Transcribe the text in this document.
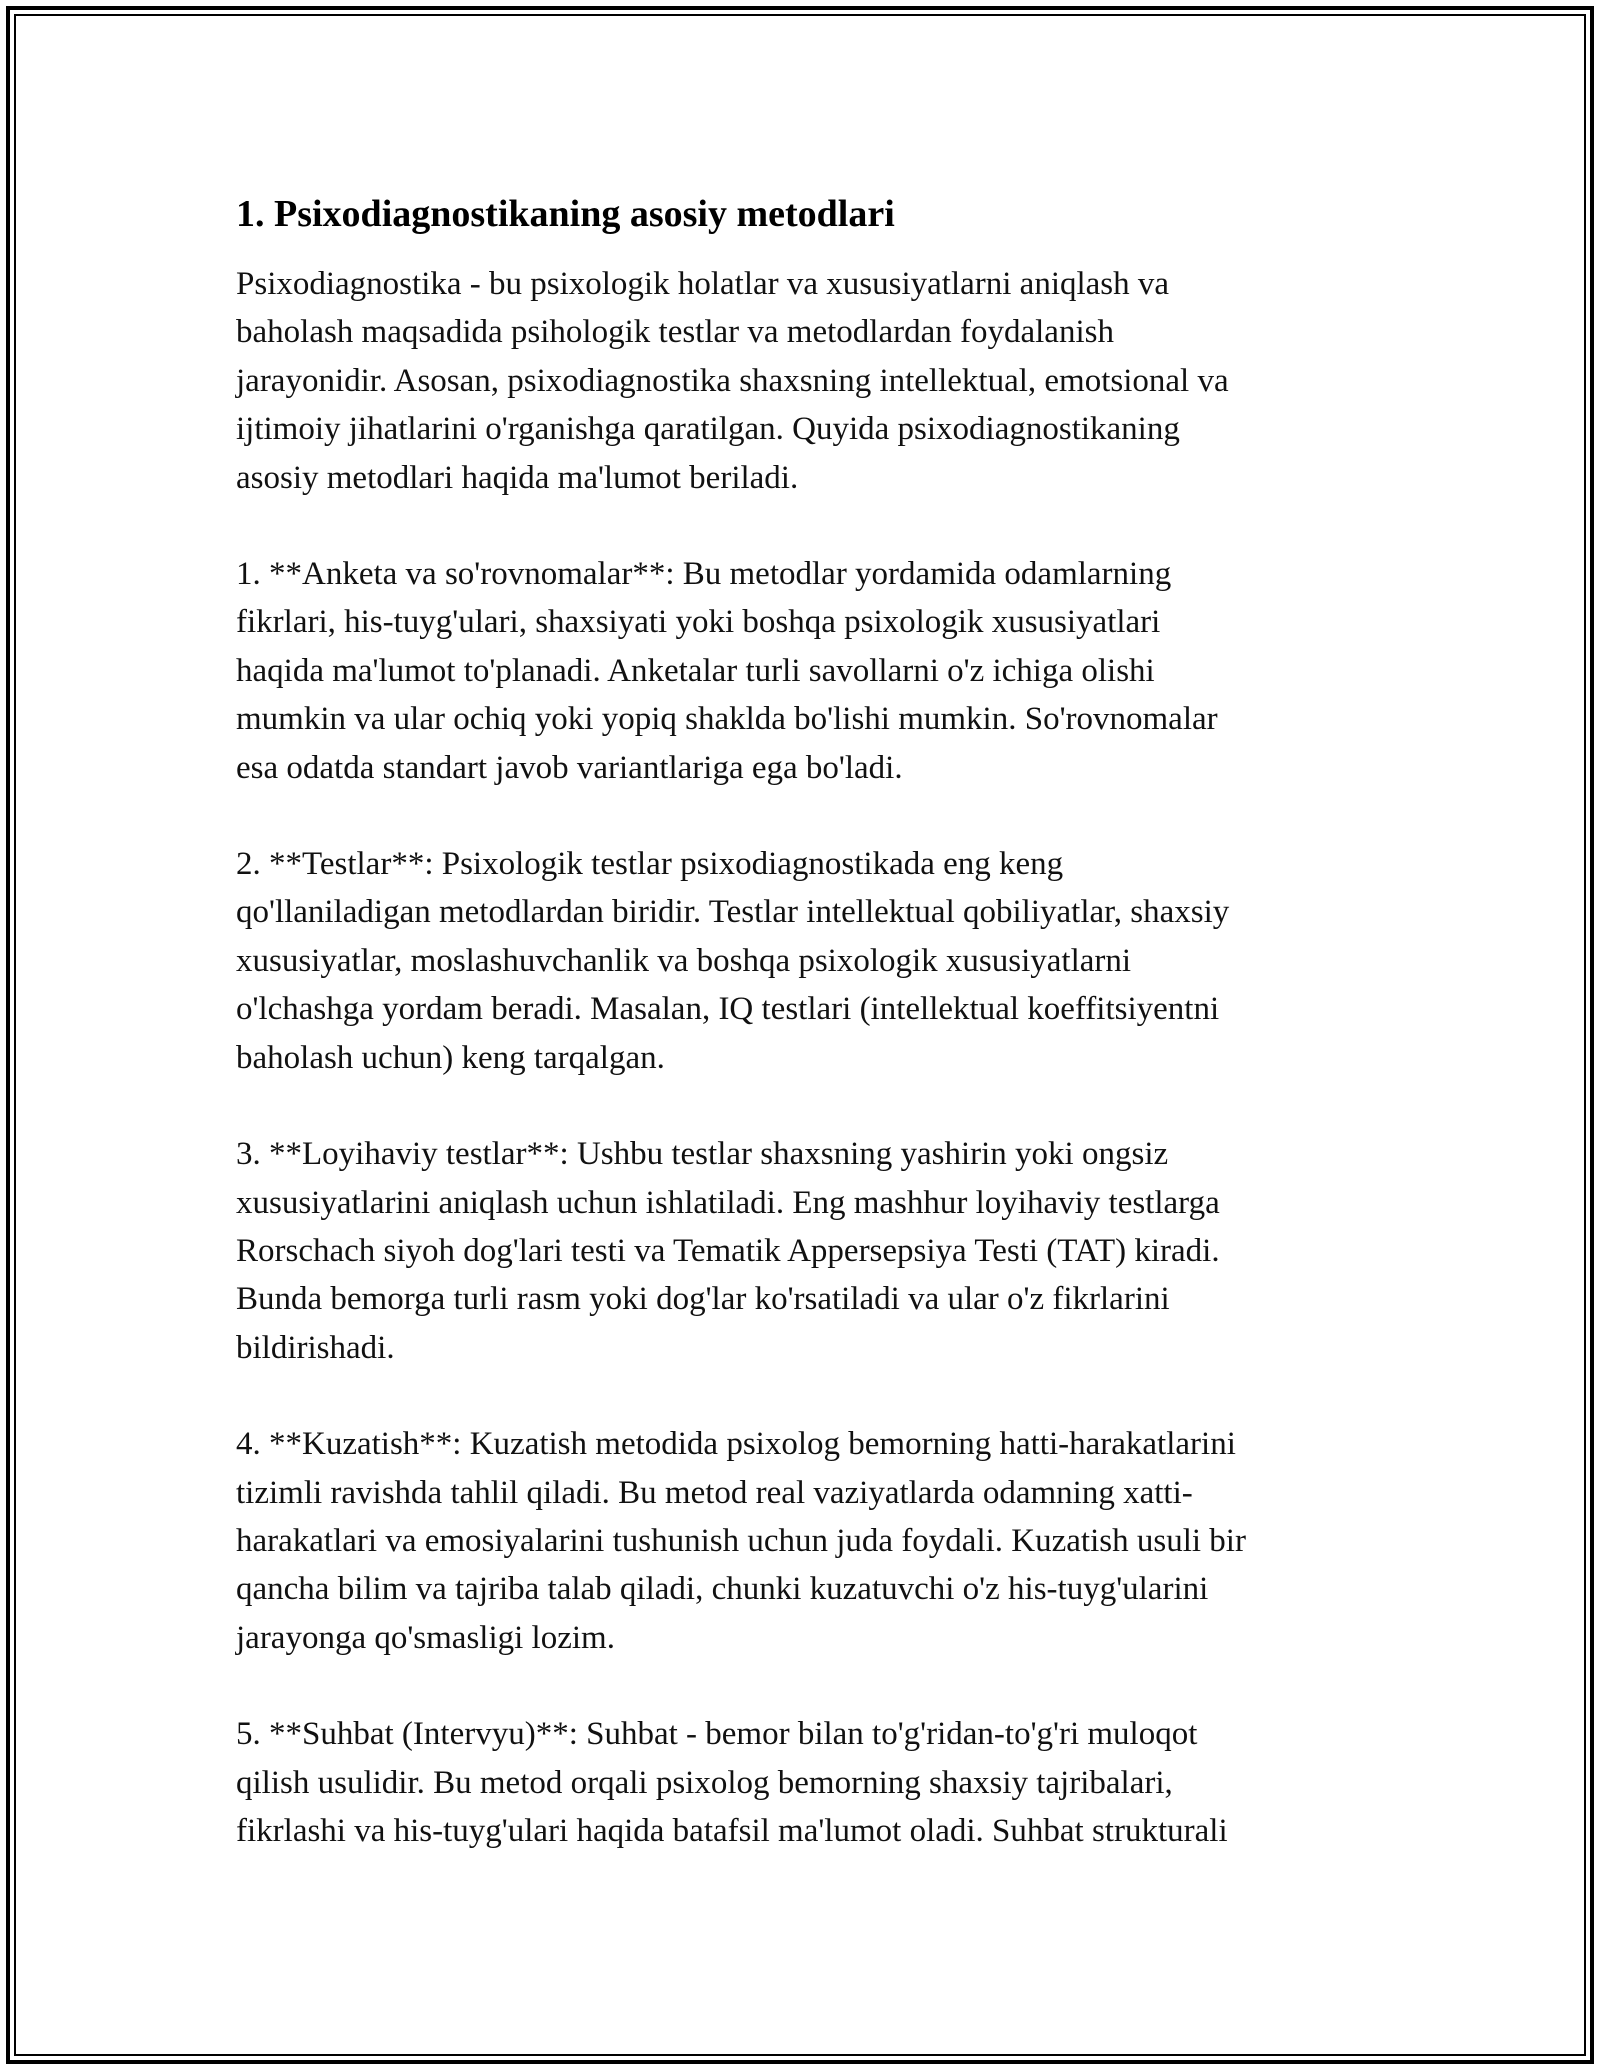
1. Psixodiagnostikaning asosiy metodlari

Psixodiagnostika - bu psixologik holatlar va xususiyatlarni aniqlash va
baholash maqsadida psihologik testlar va metodlardan foydalanish
jarayonidir. Asosan, psixodiagnostika shaxsning intellektual, emotsional va
ijtimoiy jihatlarini o'rganishga qaratilgan. Quyida psixodiagnostikaning
asosiy metodlari haqida ma'lumot beriladi.

1. **Anketa va so'rovnomalar**: Bu metodlar yordamida odamlarning
fikrlari, his-tuyg'ulari, shaxsiyati yoki boshqa psixologik xususiyatlari
haqida ma'lumot to'planadi. Anketalar turli savollarni o'z ichiga olishi
mumkin va ular ochiq yoki yopiq shaklda bo'lishi mumkin. So'rovnomalar
esa odatda standart javob variantlariga ega bo'ladi.

2. **Testlar**: Psixologik testlar psixodiagnostikada eng keng
qo'llaniladigan metodlardan biridir. Testlar intellektual qobiliyatlar, shaxsiy
xususiyatlar, moslashuvchanlik va boshqa psixologik xususiyatlarni
o'lchashga yordam beradi. Masalan, IQ testlari (intellektual koeffitsiyentni
baholash uchun) keng tarqalgan.

3. **Loyihaviy testlar**: Ushbu testlar shaxsning yashirin yoki ongsiz
xususiyatlarini aniqlash uchun ishlatiladi. Eng mashhur loyihaviy testlarga
Rorschach siyoh dog'lari testi va Tematik Appersepsiya Testi (TAT) kiradi.
Bunda bemorga turli rasm yoki dog'lar ko'rsatiladi va ular o'z fikrlarini
bildirishadi.

4. **Kuzatish**: Kuzatish metodida psixolog bemorning hatti-harakatlarini
tizimli ravishda tahlil qiladi. Bu metod real vaziyatlarda odamning xatti-
harakatlari va emosiyalarini tushunish uchun juda foydali. Kuzatish usuli bir
qancha bilim va tajriba talab qiladi, chunki kuzatuvchi o'z his-tuyg'ularini
jarayonga qo'smasligi lozim.

5. **Suhbat (Intervyu)**: Suhbat - bemor bilan to'g'ridan-to'g'ri muloqot
qilish usulidir. Bu metod orqali psixolog bemorning shaxsiy tajribalari,
fikrlashi va his-tuyg'ulari haqida batafsil ma'lumot oladi. Suhbat strukturali
